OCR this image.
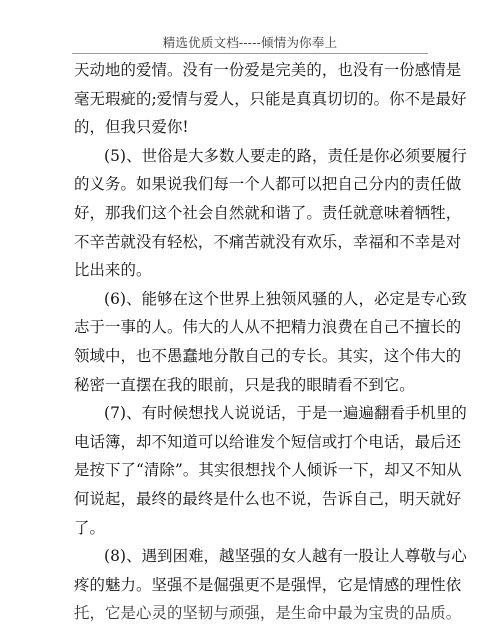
精选优质文档-----倾情为你奉上
天动地的爱情。没有一份爱是完美的，也没有一份感情是
毫无瑕疵的;爱情与爱人，只能是真真切切的。你不是最好
的，但我只爱你!
(5)、世俗是大多数人要走的路，责任是你必须要履行
的义务。如果说我们每一个人都可以把自己分内的责任做
好，那我们这个社会自然就和谐了。责任就意味着牺牲，
不辛苦就没有轻松，不痛苦就没有欢乐，幸福和不幸是对
比出来的。
(6)、能够在这个世界上独领风骚的人，必定是专心致
志于一事的人。伟大的人从不把精力浪费在自己不擅长的
领域中，也不愚蠢地分散自己的专长。其实，这个伟大的
秘密一直摆在我的眼前，只是我的眼睛看不到它。
(7)、有时候想找人说说话，于是一遍遍翻看手机里的
电话簿，却不知道可以给谁发个短信或打个电话，最后还
是按下了“清除”。其实很想找个人倾诉一下，却又不知从
何说起，最终的最终是什么也不说，告诉自己，明天就好
了。
(8)、遇到困难，越坚强的女人越有一股让人尊敬与心
疼的魅力。坚强不是倔强更不是强悍，它是情感的理性依
托，它是心灵的坚韧与顽强，是生命中最为宝贵的品质。
